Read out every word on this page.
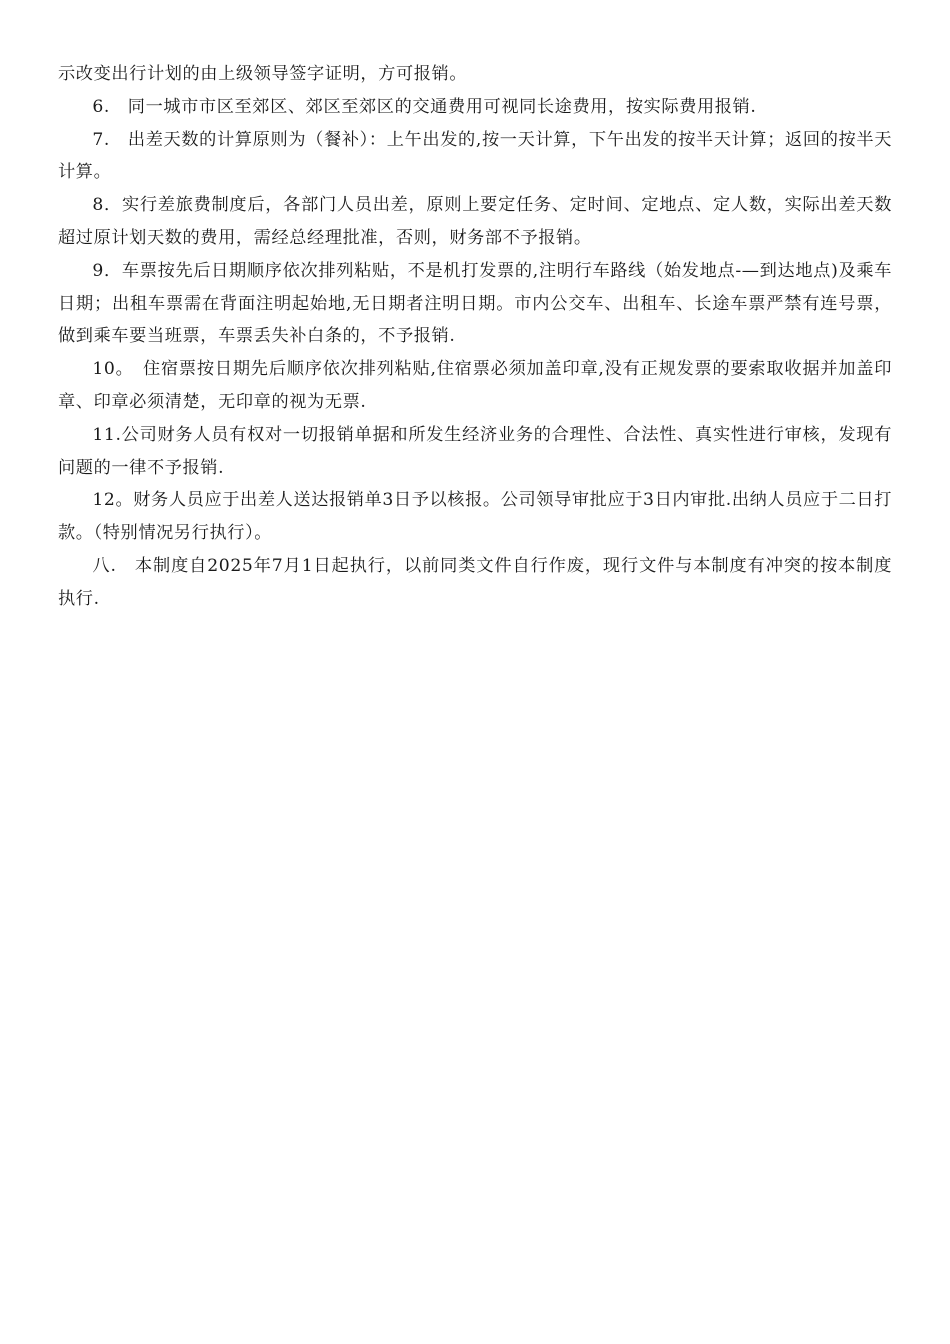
示改变出行计划的由上级领导签字证明，方可报销。

6.　同一城市市区至郊区、郊区至郊区的交通费用可视同长途费用，按实际费用报销.

7.　出差天数的计算原则为（餐补）：上午出发的,按一天计算，下午出发的按半天计算；返回的按半天计算。

8．实行差旅费制度后，各部门人员出差，原则上要定任务、定时间、定地点、定人数，实际出差天数超过原计划天数的费用，需经总经理批准，否则，财务部不予报销。

9．车票按先后日期顺序依次排列粘贴，不是机打发票的,注明行车路线（始发地点-—到达地点)及乘车日期；出租车票需在背面注明起始地,无日期者注明日期。市内公交车、出租车、长途车票严禁有连号票，做到乘车要当班票，车票丢失补白条的，不予报销.

10。　住宿票按日期先后顺序依次排列粘贴,住宿票必须加盖印章,没有正规发票的要索取收据并加盖印章、印章必须清楚，无印章的视为无票.

11.公司财务人员有权对一切报销单据和所发生经济业务的合理性、合法性、真实性进行审核，发现有问题的一律不予报销.

12。财务人员应于出差人送达报销单3日予以核报。公司领导审批应于3日内审批.出纳人员应于二日打款。（特别情况另行执行）。

八.　本制度自2025年7月1日起执行，以前同类文件自行作废，现行文件与本制度有冲突的按本制度执行.
